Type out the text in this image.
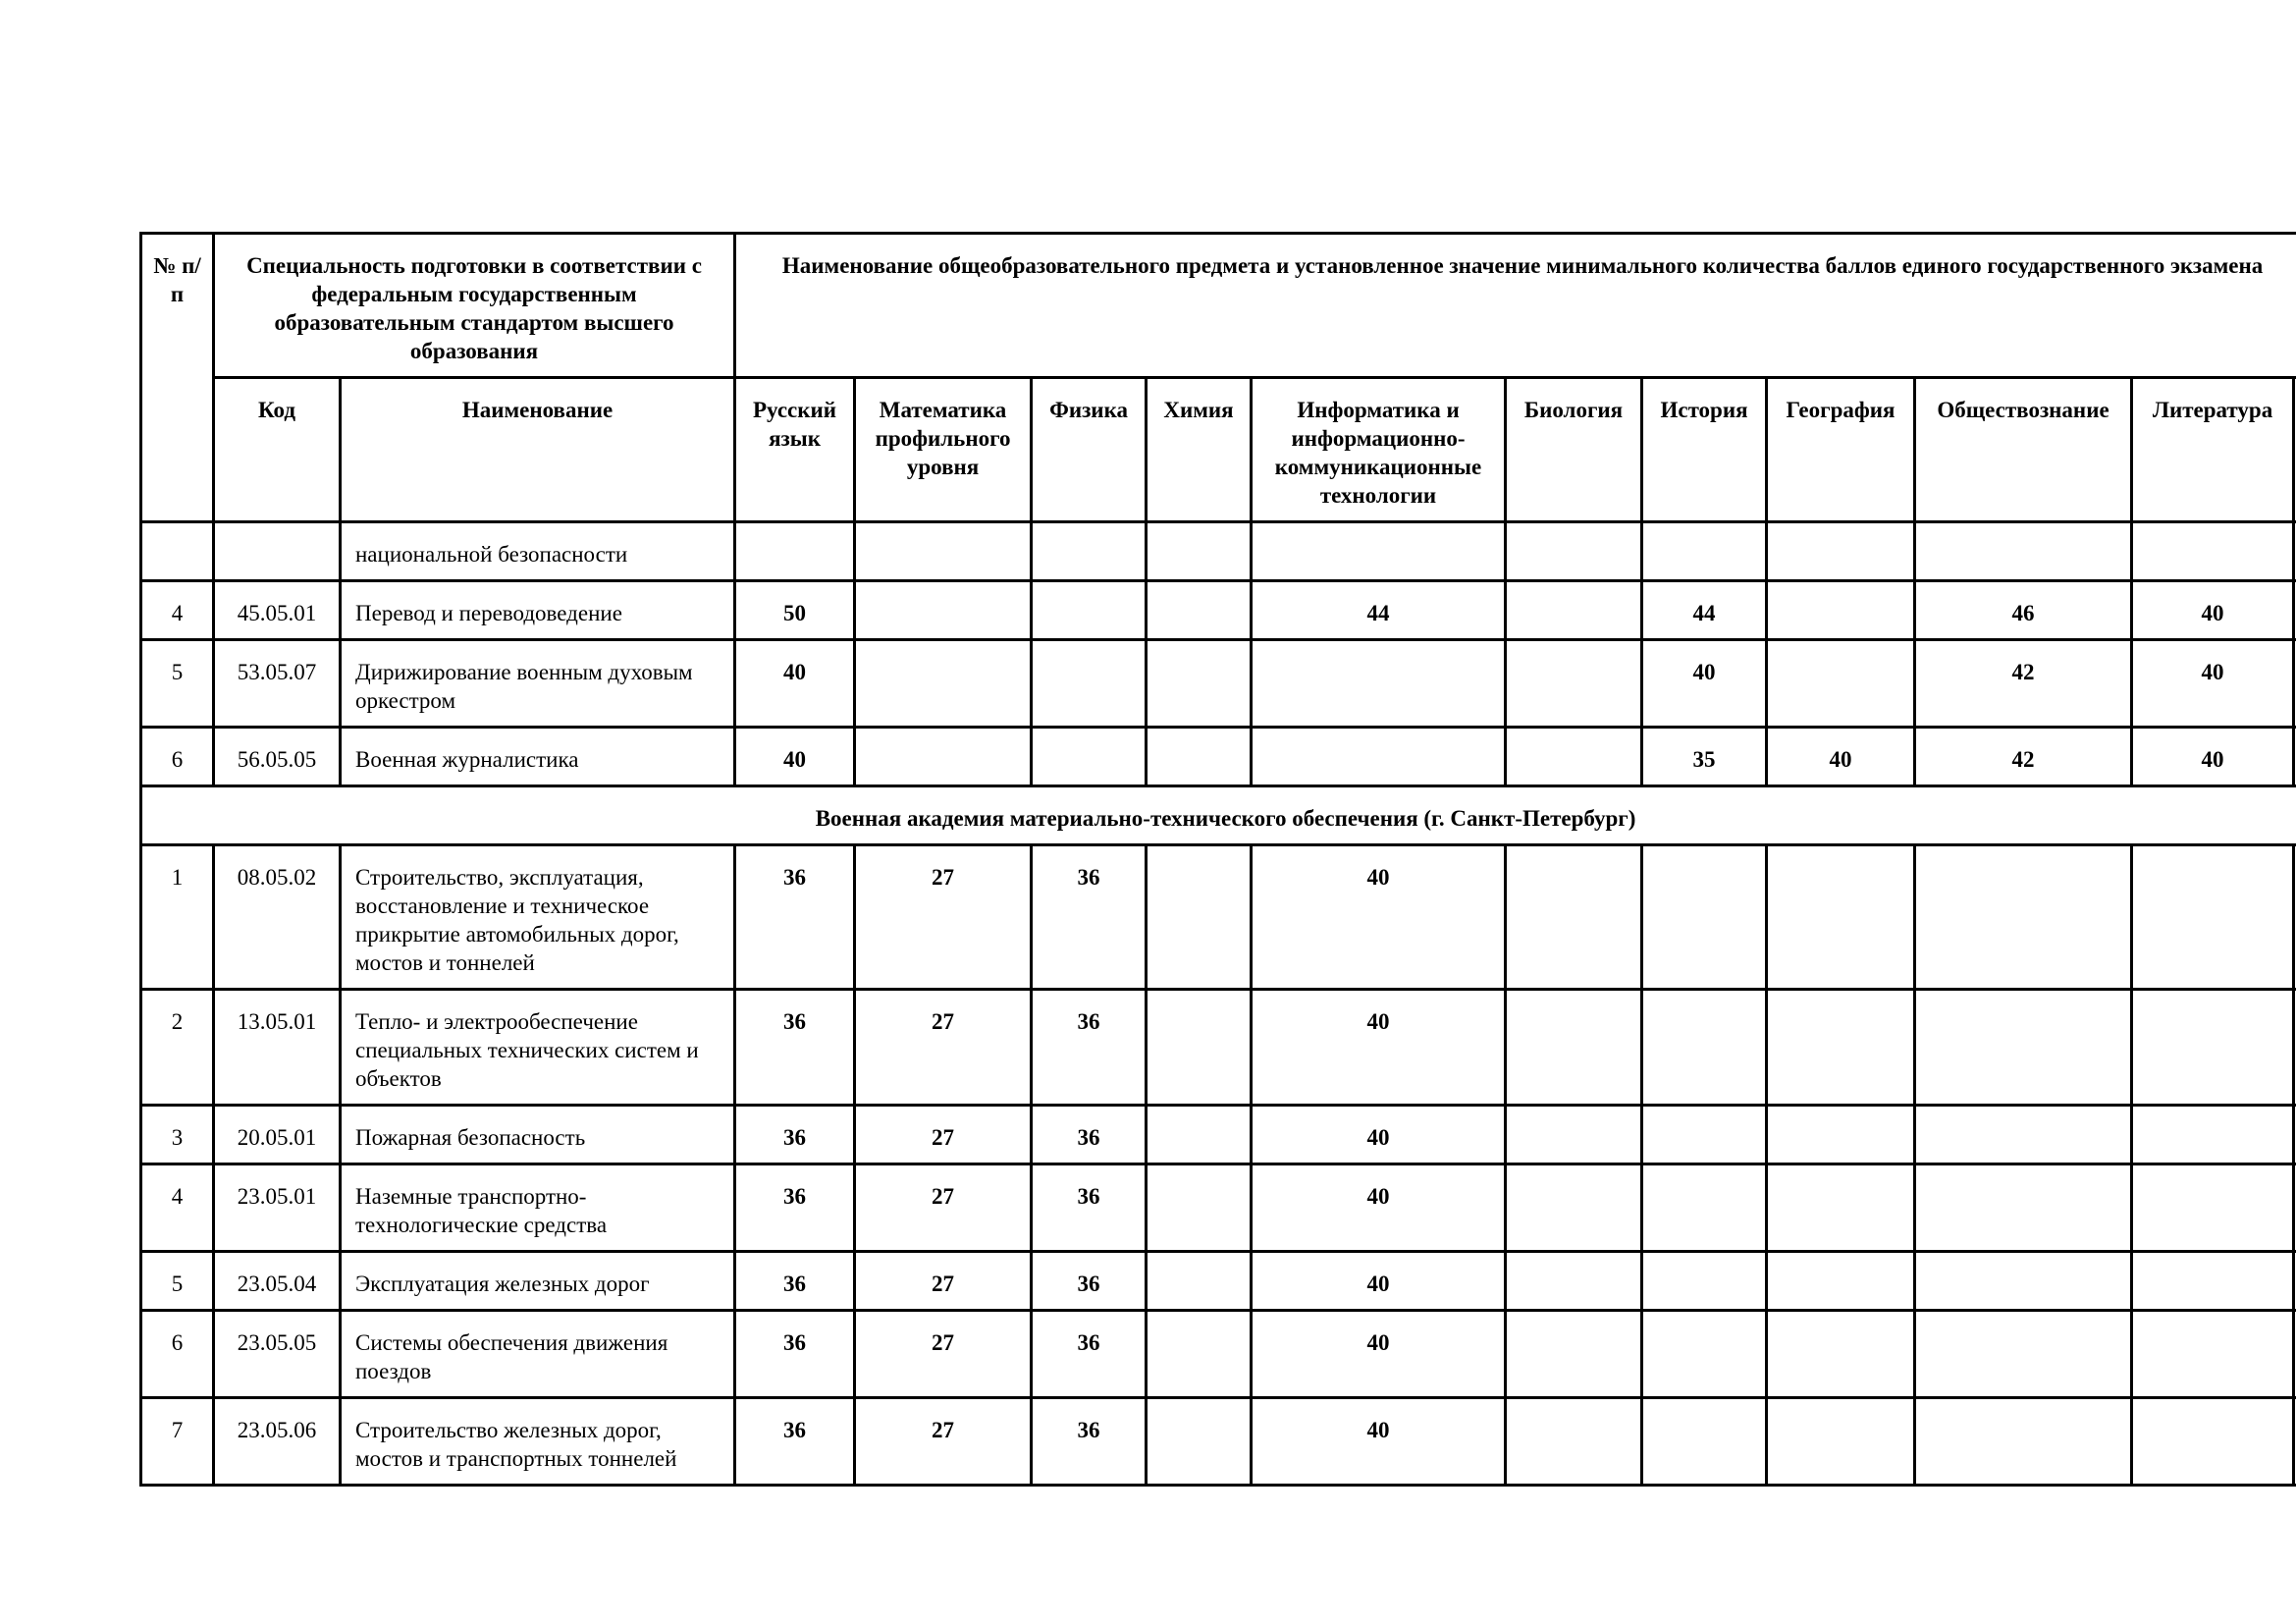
№ п/п	Специальность подготовки в соответствии с федеральным государственным образовательным стандартом высшего образования		Наименование общеобразовательного предмета и установленное значение минимального количества баллов единого государственного экзамена										
	Код	Наименование	Русский язык	Математика профильного уровня	Физика	Химия	Информатика и информационно-коммуникационные технологии	Биология	История	География	Обществознание	Литература	
		национальной безопасности											
4	45.05.01	Перевод и переводоведение	50				44		44		46	40	
5	53.05.07	Дирижирование военным духовым оркестром	40						40		42	40	
6	56.05.05	Военная журналистика	40						35	40	42	40	
Военная академия материально-технического обеспечения (г. Санкт-Петербург)													
1	08.05.02	Строительство, эксплуатация, восстановление и техническое прикрытие автомобильных дорог, мостов и тоннелей	36	27	36		40						
2	13.05.01	Тепло- и электрообеспечение специальных технических систем и объектов	36	27	36		40						
3	20.05.01	Пожарная безопасность	36	27	36		40						
4	23.05.01	Наземные транспортно-технологические средства	36	27	36		40						
5	23.05.04	Эксплуатация железных дорог	36	27	36		40						
6	23.05.05	Системы обеспечения движения поездов	36	27	36		40						
7	23.05.06	Строительство железных дорог, мостов и транспортных тоннелей	36	27	36		40						
